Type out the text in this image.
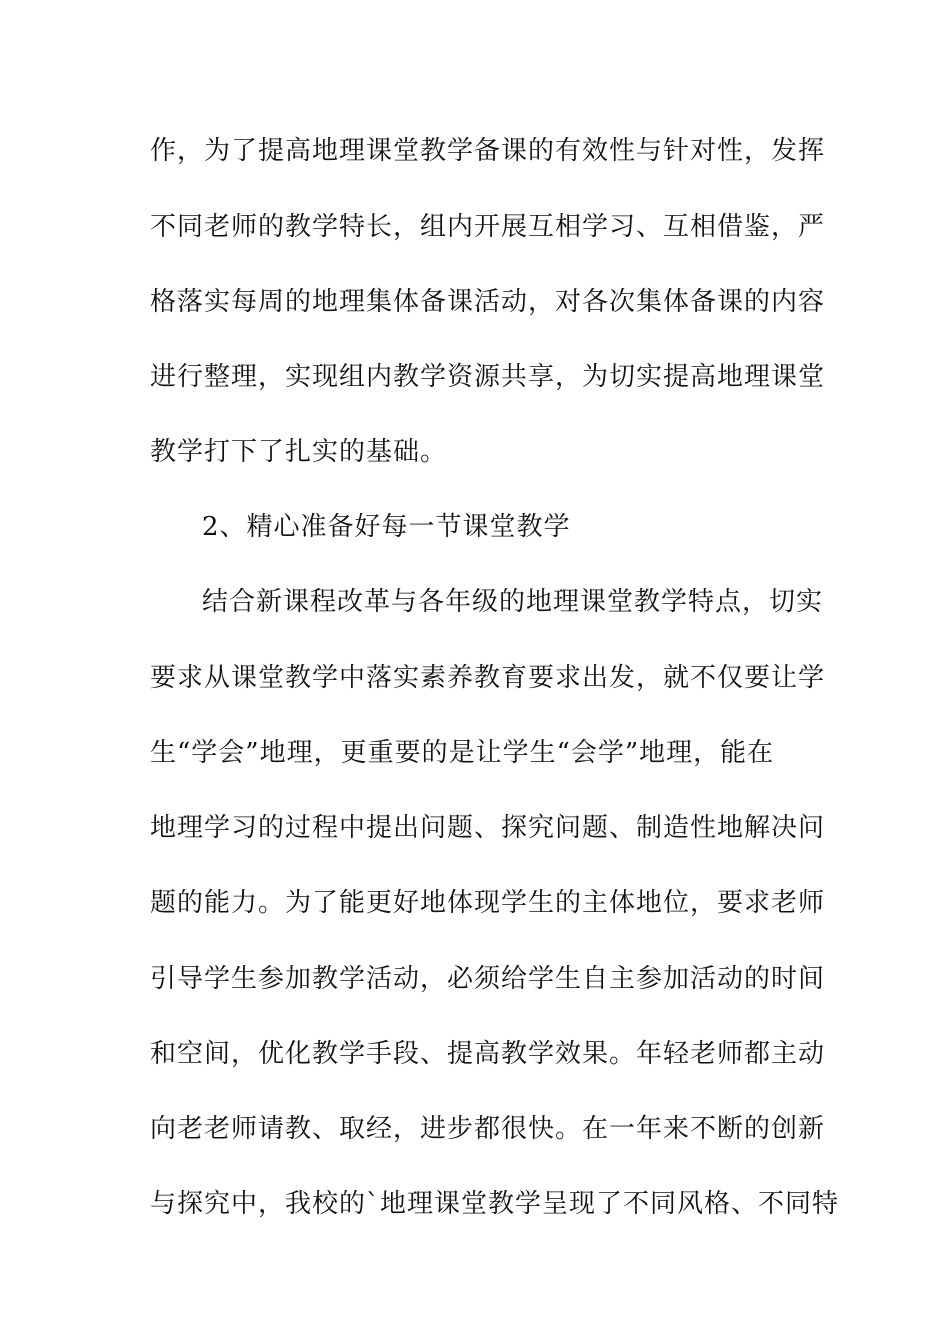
作，为了提高地理课堂教学备课的有效性与针对性，发挥
不同老师的教学特长，组内开展互相学习、互相借鉴，严
格落实每周的地理集体备课活动，对各次集体备课的内容
进行整理，实现组内教学资源共享，为切实提高地理课堂
教学打下了扎实的基础。
2、精心准备好每一节课堂教学
结合新课程改革与各年级的地理课堂教学特点，切实
要求从课堂教学中落实素养教育要求出发，就不仅要让学
生“学会”地理，更重要的是让学生“会学”地理，能在
地理学习的过程中提出问题、探究问题、制造性地解决问
题的能力。为了能更好地体现学生的主体地位，要求老师
引导学生参加教学活动，必须给学生自主参加活动的时间
和空间，优化教学手段、提高教学效果。年轻老师都主动
向老老师请教、取经，进步都很快。在一年来不断的创新
与探究中，我校的`地理课堂教学呈现了不同风格、不同特
